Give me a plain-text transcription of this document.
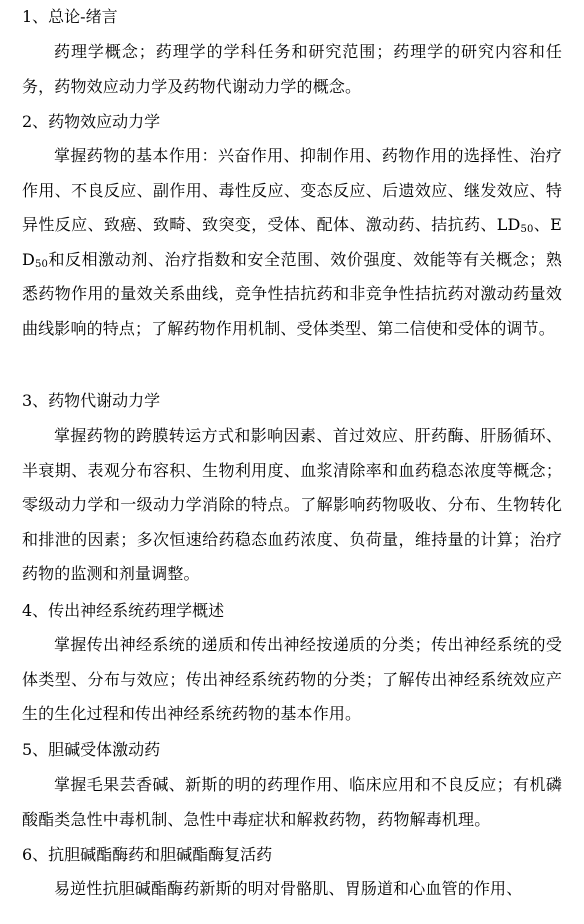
1、总论-绪言
药理学概念；药理学的学科任务和研究范围；药理学的研究内容和任务，药物效应动力学及药物代谢动力学的概念。
2、药物效应动力学
掌握药物的基本作用：兴奋作用、抑制作用、药物作用的选择性、治疗作用、不良反应、副作用、毒性反应、变态反应、后遗效应、继发效应、特异性反应、致癌、致畸、致突变，受体、配体、激动药、拮抗药、$LD_{50}$、$ED_{50}$和反相激动剂、治疗指数和安全范围、效价强度、效能等有关概念；熟悉药物作用的量效关系曲线，竞争性拮抗药和非竞争性拮抗药对激动药量效曲线影响的特点；了解药物作用机制、受体类型、第二信使和受体的调节。
3、药物代谢动力学
掌握药物的跨膜转运方式和影响因素、首过效应、肝药酶、肝肠循环、半衰期、表观分布容积、生物利用度、血浆清除率和血药稳态浓度等概念；零级动力学和一级动力学消除的特点。了解影响药物吸收、分布、生物转化和排泄的因素；多次恒速给药稳态血药浓度、负荷量，维持量的计算；治疗药物的监测和剂量调整。
4、传出神经系统药理学概述
掌握传出神经系统的递质和传出神经按递质的分类；传出神经系统的受体类型、分布与效应；传出神经系统药物的分类；了解传出神经系统效应产生的生化过程和传出神经系统药物的基本作用。
5、胆碱受体激动药
掌握毛果芸香碱、新斯的明的药理作用、临床应用和不良反应；有机磷酸酯类急性中毒机制、急性中毒症状和解救药物，药物解毒机理。
6、抗胆碱酯酶药和胆碱酯酶复活药
易逆性抗胆碱酯酶药新斯的明对骨骼肌、胃肠道和心血管的作用、
